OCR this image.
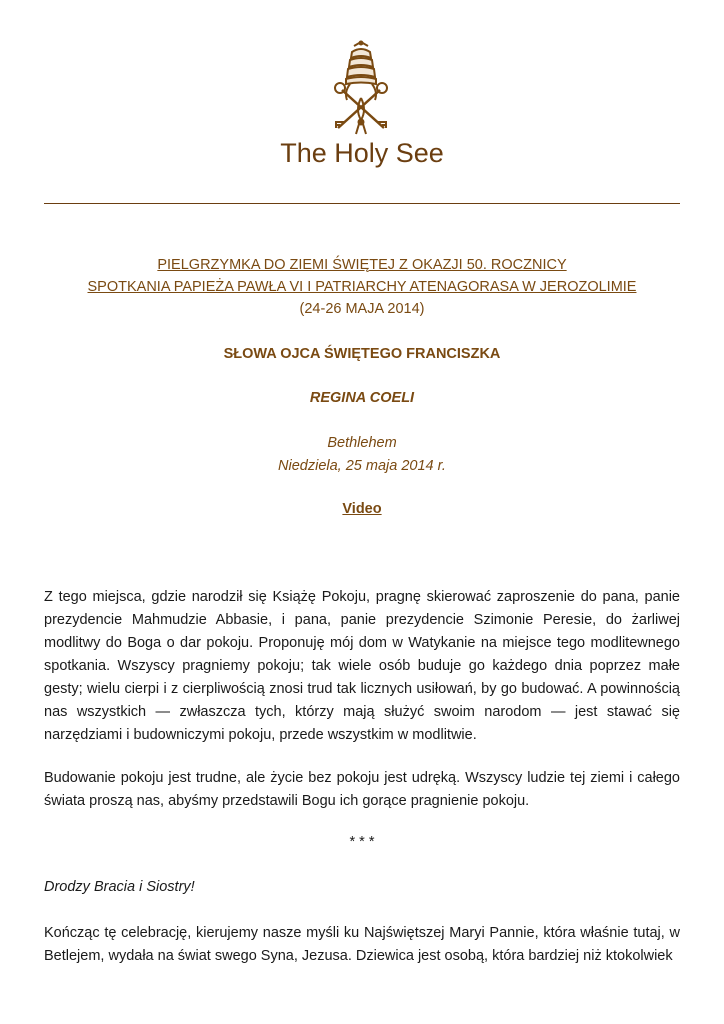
The Holy See
PIELGRZYMKA DO ZIEMI ŚWIĘTEJ Z OKAZJI 50. ROCZNICY
SPOTKANIA PAPIEŻA PAWŁA VI I PATRIARCHY ATENAGORASA W JEROZOLIMIE
(24-26 MAJA 2014)
SŁOWA OJCA ŚWIĘTEGO FRANCISZKA
REGINA COELI
Bethlehem
Niedziela, 25 maja 2014 r.
Video
Z tego miejsca, gdzie narodził się Książę Pokoju, pragnę skierować zaproszenie do pana, panie prezydencie Mahmudzie Abbasie, i pana, panie prezydencie Szimonie Peresie, do żarliwej modlitwy do Boga o dar pokoju. Proponuję mój dom w Watykanie na miejsce tego modlitewnego spotkania. Wszyscy pragniemy pokoju; tak wiele osób buduje go każdego dnia poprzez małe gesty; wielu cierpi i z cierpliwością znosi trud tak licznych usiłowań, by go budować. A powinnością nas wszystkich — zwłaszcza tych, którzy mają służyć swoim narodom — jest stawać się narzędziami i budowniczymi pokoju, przede wszystkim w modlitwie.
Budowanie pokoju jest trudne, ale życie bez pokoju jest udręką. Wszyscy ludzie tej ziemi i całego świata proszą nas, abyśmy przedstawili Bogu ich gorące pragnienie pokoju.
* * *
Drodzy Bracia i Siostry!
Kończąc tę celebrację, kierujemy nasze myśli ku Najświętszej Maryi Pannie, która właśnie tutaj, w Betlejem, wydała na świat swego Syna, Jezusa. Dziewica jest osobą, która bardziej niż ktokolwiek
